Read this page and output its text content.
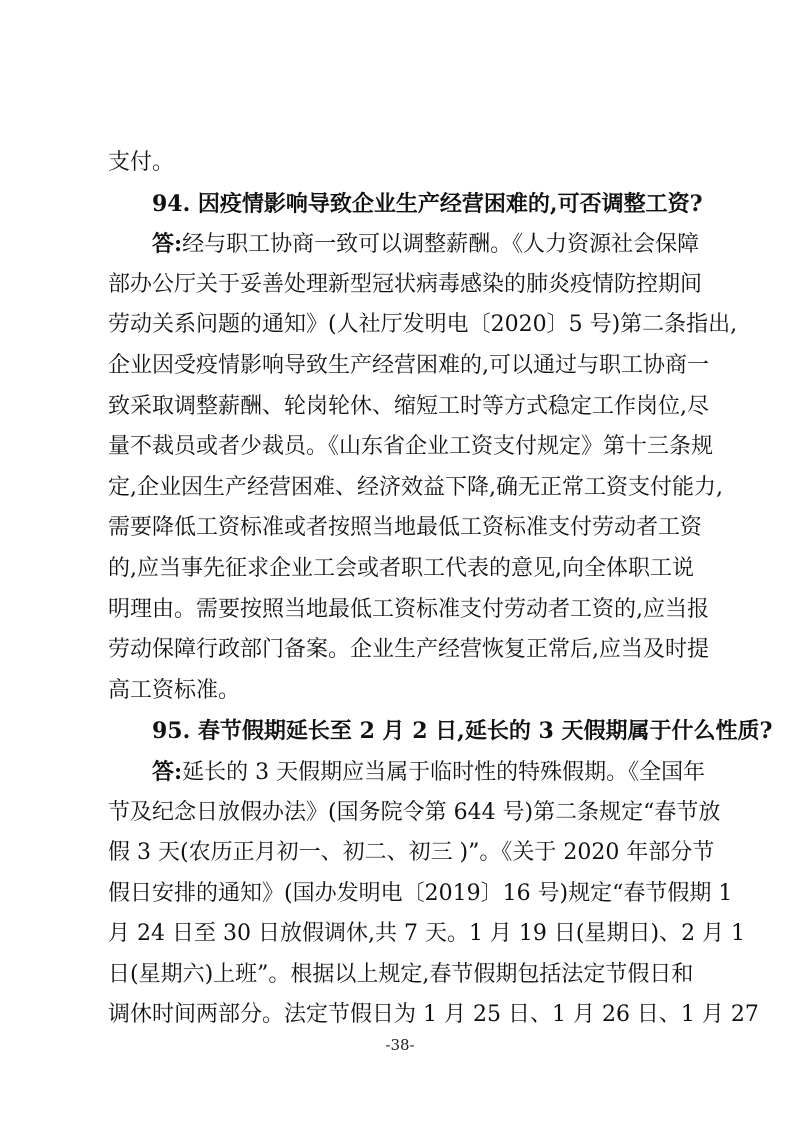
支付。
94. 因疫情影响导致企业生产经营困难的,可否调整工资?
答:经与职工协商一致可以调整薪酬。《人力资源社会保障
部办公厅关于妥善处理新型冠状病毒感染的肺炎疫情防控期间
劳动关系问题的通知》(人社厅发明电〔2020〕5 号)第二条指出,
企业因受疫情影响导致生产经营困难的,可以通过与职工协商一
致采取调整薪酬、轮岗轮休、缩短工时等方式稳定工作岗位,尽
量不裁员或者少裁员。《山东省企业工资支付规定》第十三条规
定,企业因生产经营困难、经济效益下降,确无正常工资支付能力,
需要降低工资标准或者按照当地最低工资标准支付劳动者工资
的,应当事先征求企业工会或者职工代表的意见,向全体职工说
明理由。需要按照当地最低工资标准支付劳动者工资的,应当报
劳动保障行政部门备案。企业生产经营恢复正常后,应当及时提
高工资标准。
95. 春节假期延长至 2 月 2 日,延长的 3 天假期属于什么性质?
答:延长的 3 天假期应当属于临时性的特殊假期。《全国年
节及纪念日放假办法》(国务院令第 644 号)第二条规定“春节放
假 3 天(农历正月初一、初二、初三 )”。《关于 2020 年部分节
假日安排的通知》(国办发明电〔2019〕16 号)规定“春节假期 1
月 24 日至 30 日放假调休,共 7 天。1 月 19 日(星期日)、2 月 1
日(星期六)上班”。根据以上规定,春节假期包括法定节假日和
调休时间两部分。法定节假日为 1 月 25 日、1 月 26 日、1 月 27
-38-
